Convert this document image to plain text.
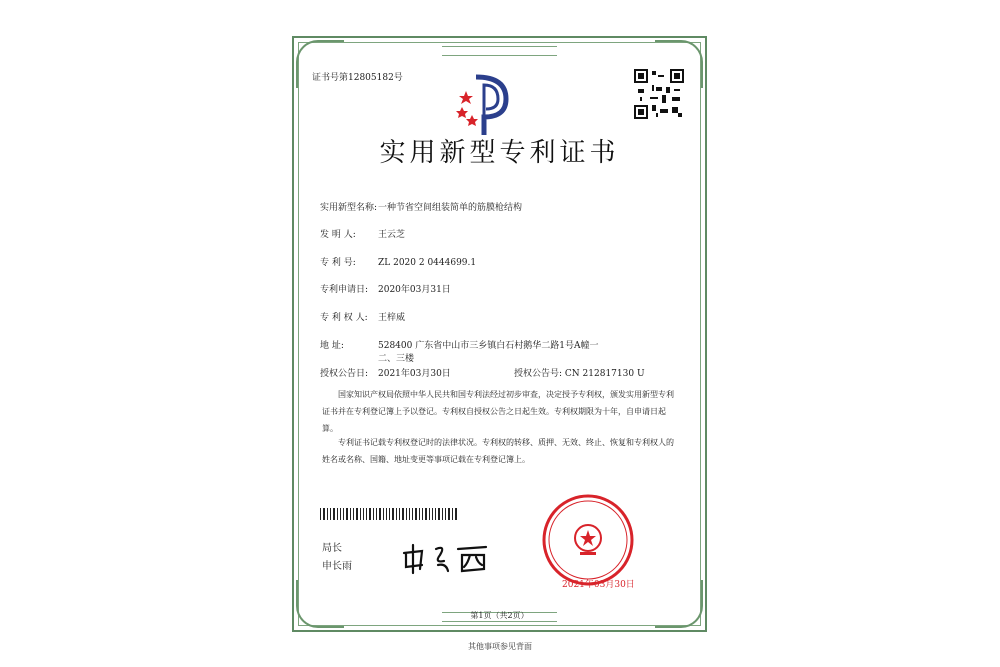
证书号第12805182号
实用新型专利证书
实用新型名称:一种节省空间组装简单的筋膜枪结构
发 明 人: 王云芝
专 利 号: ZL 2020 2 0444699.1
专利申请日: 2020年03月31日
专 利 权 人: 王梓威
地 址:	528400 广东省中山市三乡镇白石村鹅华二路1号A幢一
二、三楼
授权公告日: 2021年03月30日	授权公告号: CN 212817130 U
国家知识产权局依照中华人民共和国专利法经过初步审查，决定授予专利权，颁发实用新型专利证书并在专利登记簿上予以登记。专利权自授权公告之日起生效。专利权期限为十年，自申请日起算。
专利证书记载专利权登记时的法律状况。专利权的转移、质押、无效、终止、恢复和专利权人的姓名或名称、国籍、地址变更等事项记载在专利登记簿上。
局长
申长雨
2021年03月30日
第1页（共2页）
其他事项参见背面
